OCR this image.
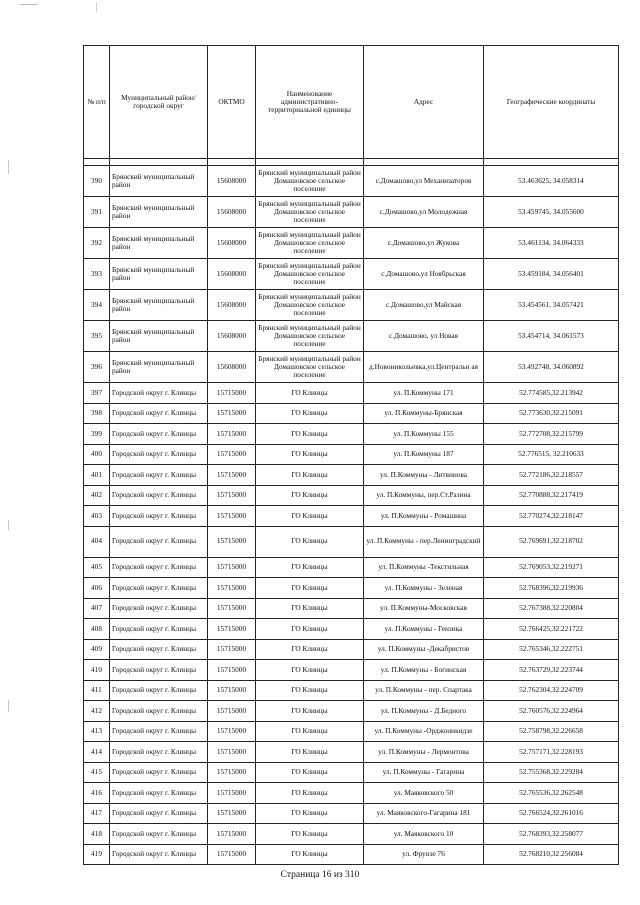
№ п/п	Муниципальный район/городской округ	ОКТМО	Наименование административно-территориальной единицы	Адрес	Географические координаты

390	Брянский муниципальный район	15608000	Брянский муниципальный район Домашовское сельское поселение	с.Домашово,ул Механизаторов	53.463625, 34.058314
391	Брянский муниципальный район	15608000	Брянский муниципальный район Домашовское сельское поселение	с.Домашово,ул Молодежная	53.459745, 34.055600
392	Брянский муниципальный район	15608000	Брянский муниципальный район Домашовское сельское поселение	с.Домашово,ул Жукова	53.461134, 34.064333
393	Брянский муниципальный район	15608000	Брянский муниципальный район Домашовское сельское поселение	с.Домашово,ул Ноябрьская	53.459184, 34.056401
394	Брянский муниципальный район	15608000	Брянский муниципальный район Домашовское сельское поселение	с.Домашово,ул Майская	53.454561, 34.057421
395	Брянский муниципальный район	15608000	Брянский муниципальный район Домашовское сельское поселение	с.Домашово, ул Новая	53.454714, 34.061573
396	Брянский муниципальный район	15608000	Брянский муниципальный район Домашовское сельское поселение	д.Новоникольевка,ул.Центральн ая	53.492748, 34.060892
397	Городской округ г. Клинцы	15715000	ГО Клинцы	ул. П.Коммуны 171	52.774585,32.213942
398	Городской округ г. Клинцы	15715000	ГО Клинцы	ул. П.Коммуны-Брянская	52.773630,32.215091
399	Городской округ г. Клинцы	15715000	ГО Клинцы	ул. П.Коммуны 155	52.772708,32.215799
400	Городской округ г. Клинцы	15715000	ГО Клинцы	ул. П.Коммуны 187	52.776515, 32.210633
401	Городской округ г. Клинцы	15715000	ГО Клинцы	ул. П.Коммуны - Литвинова	52.772186,32.218557
402	Городской округ г. Клинцы	15715000	ГО Клинцы	ул. П.Коммуны, пер.Ст.Разина	52.770888,32.217419
403	Городской округ г. Клинцы	15715000	ГО Клинцы	ул. П.Коммуны - Ромашина	52.770274,32.218147
404	Городской округ г. Клинцы	15715000	ГО Клинцы	ул. П.Коммуны - пер.Ленинградский	52.769691,32.218702
405	Городской округ г. Клинцы	15715000	ГО Клинцы	ул. П.Коммуны -Текстильная	52.769053,32.219271
406	Городской округ г. Клинцы	15715000	ГО Клинцы	ул. П.Коммуны - Зеленая	52.768396,32.219936
407	Городской округ г. Клинцы	15715000	ГО Клинцы	ул. П.Коммуны-Московская	52.767388,32.220804
408	Городской округ г. Клинцы	15715000	ГО Клинцы	ул. П.Коммуны - Гензика	52.766425,32.221722
409	Городской округ г. Клинцы	15715000	ГО Клинцы	ул. П.Коммуны -Декабристов	52.765346,32.222751
410	Городской округ г. Клинцы	15715000	ГО Клинцы	ул. П.Коммуны - Богинская	52.763729,32.223744
411	Городской округ г. Клинцы	15715000	ГО Клинцы	ул. П.Коммуны - пер. Спартака	52.762304,32.224709
412	Городской округ г. Клинцы	15715000	ГО Клинцы	ул. П.Коммуны - Д.Бедного	52.760576,32.224964
413	Городской округ г. Клинцы	15715000	ГО Клинцы	ул. П.Коммуны -Орджоникидзе	52.758798,32.226658
414	Городской округ г. Клинцы	15715000	ГО Клинцы	ул. П.Коммуны - Лермонтова	52.757171,32.228193
415	Городской округ г. Клинцы	15715000	ГО Клинцы	ул. П.Коммуны - Гагарина	52.755368,32.229284
416	Городской округ г. Клинцы	15715000	ГО Клинцы	ул. Маяковского 50	52.765536,32.262548
417	Городской округ г. Клинцы	15715000	ГО Клинцы	ул. Маяковского-Гагарина 181	52.766524,32.261016
418	Городской округ г. Клинцы	15715000	ГО Клинцы	ул. Маяковского 10	52.768393,32.258077
419	Городской округ г. Клинцы	15715000	ГО Клинцы	ул. Фрунзе 76	52.768210,32.256084
Страница 16 из 310
